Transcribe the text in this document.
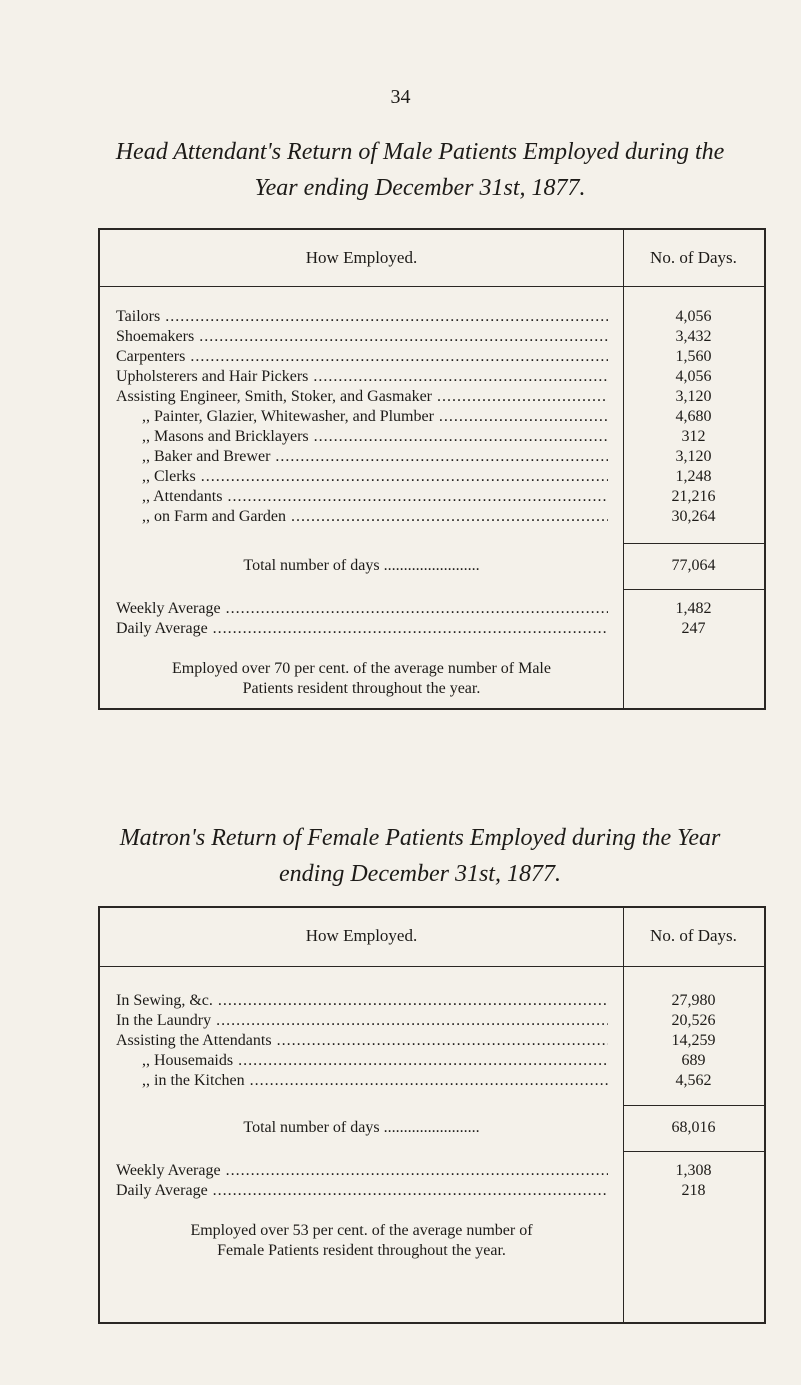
34
Head Attendant's Return of Male Patients Employed during the
Year ending December 31st, 1877.
How Employed.	No. of Days.
Tailors .....	4,056
Shoemakers .....	3,432
Carpenters .....	1,560
Upholsterers and Hair Pickers .....	4,056
Assisting Engineer, Smith, Stoker, and Gasmaker .....	3,120
,, Painter, Glazier, Whitewasher, and Plumber .....	4,680
,, Masons and Bricklayers .....	312
,, Baker and Brewer .....	3,120
,, Clerks .....	1,248
,, Attendants .....	21,216
,, on Farm and Garden .....	30,264
Total number of days ........................	77,064
Weekly Average .....	1,482
Daily Average .....	247
Employed over 70 per cent. of the average number of Male
Patients resident throughout the year.
Matron's Return of Female Patients Employed during the Year
ending December 31st, 1877.
How Employed.	No. of Days.
In Sewing, &c. .....	27,980
In the Laundry .....	20,526
Assisting the Attendants .....	14,259
,, Housemaids .....	689
,, in the Kitchen .....	4,562
Total number of days ........................	68,016
Weekly Average .....	1,308
Daily Average .....	218
Employed over 53 per cent. of the average number of
Female Patients resident throughout the year.
